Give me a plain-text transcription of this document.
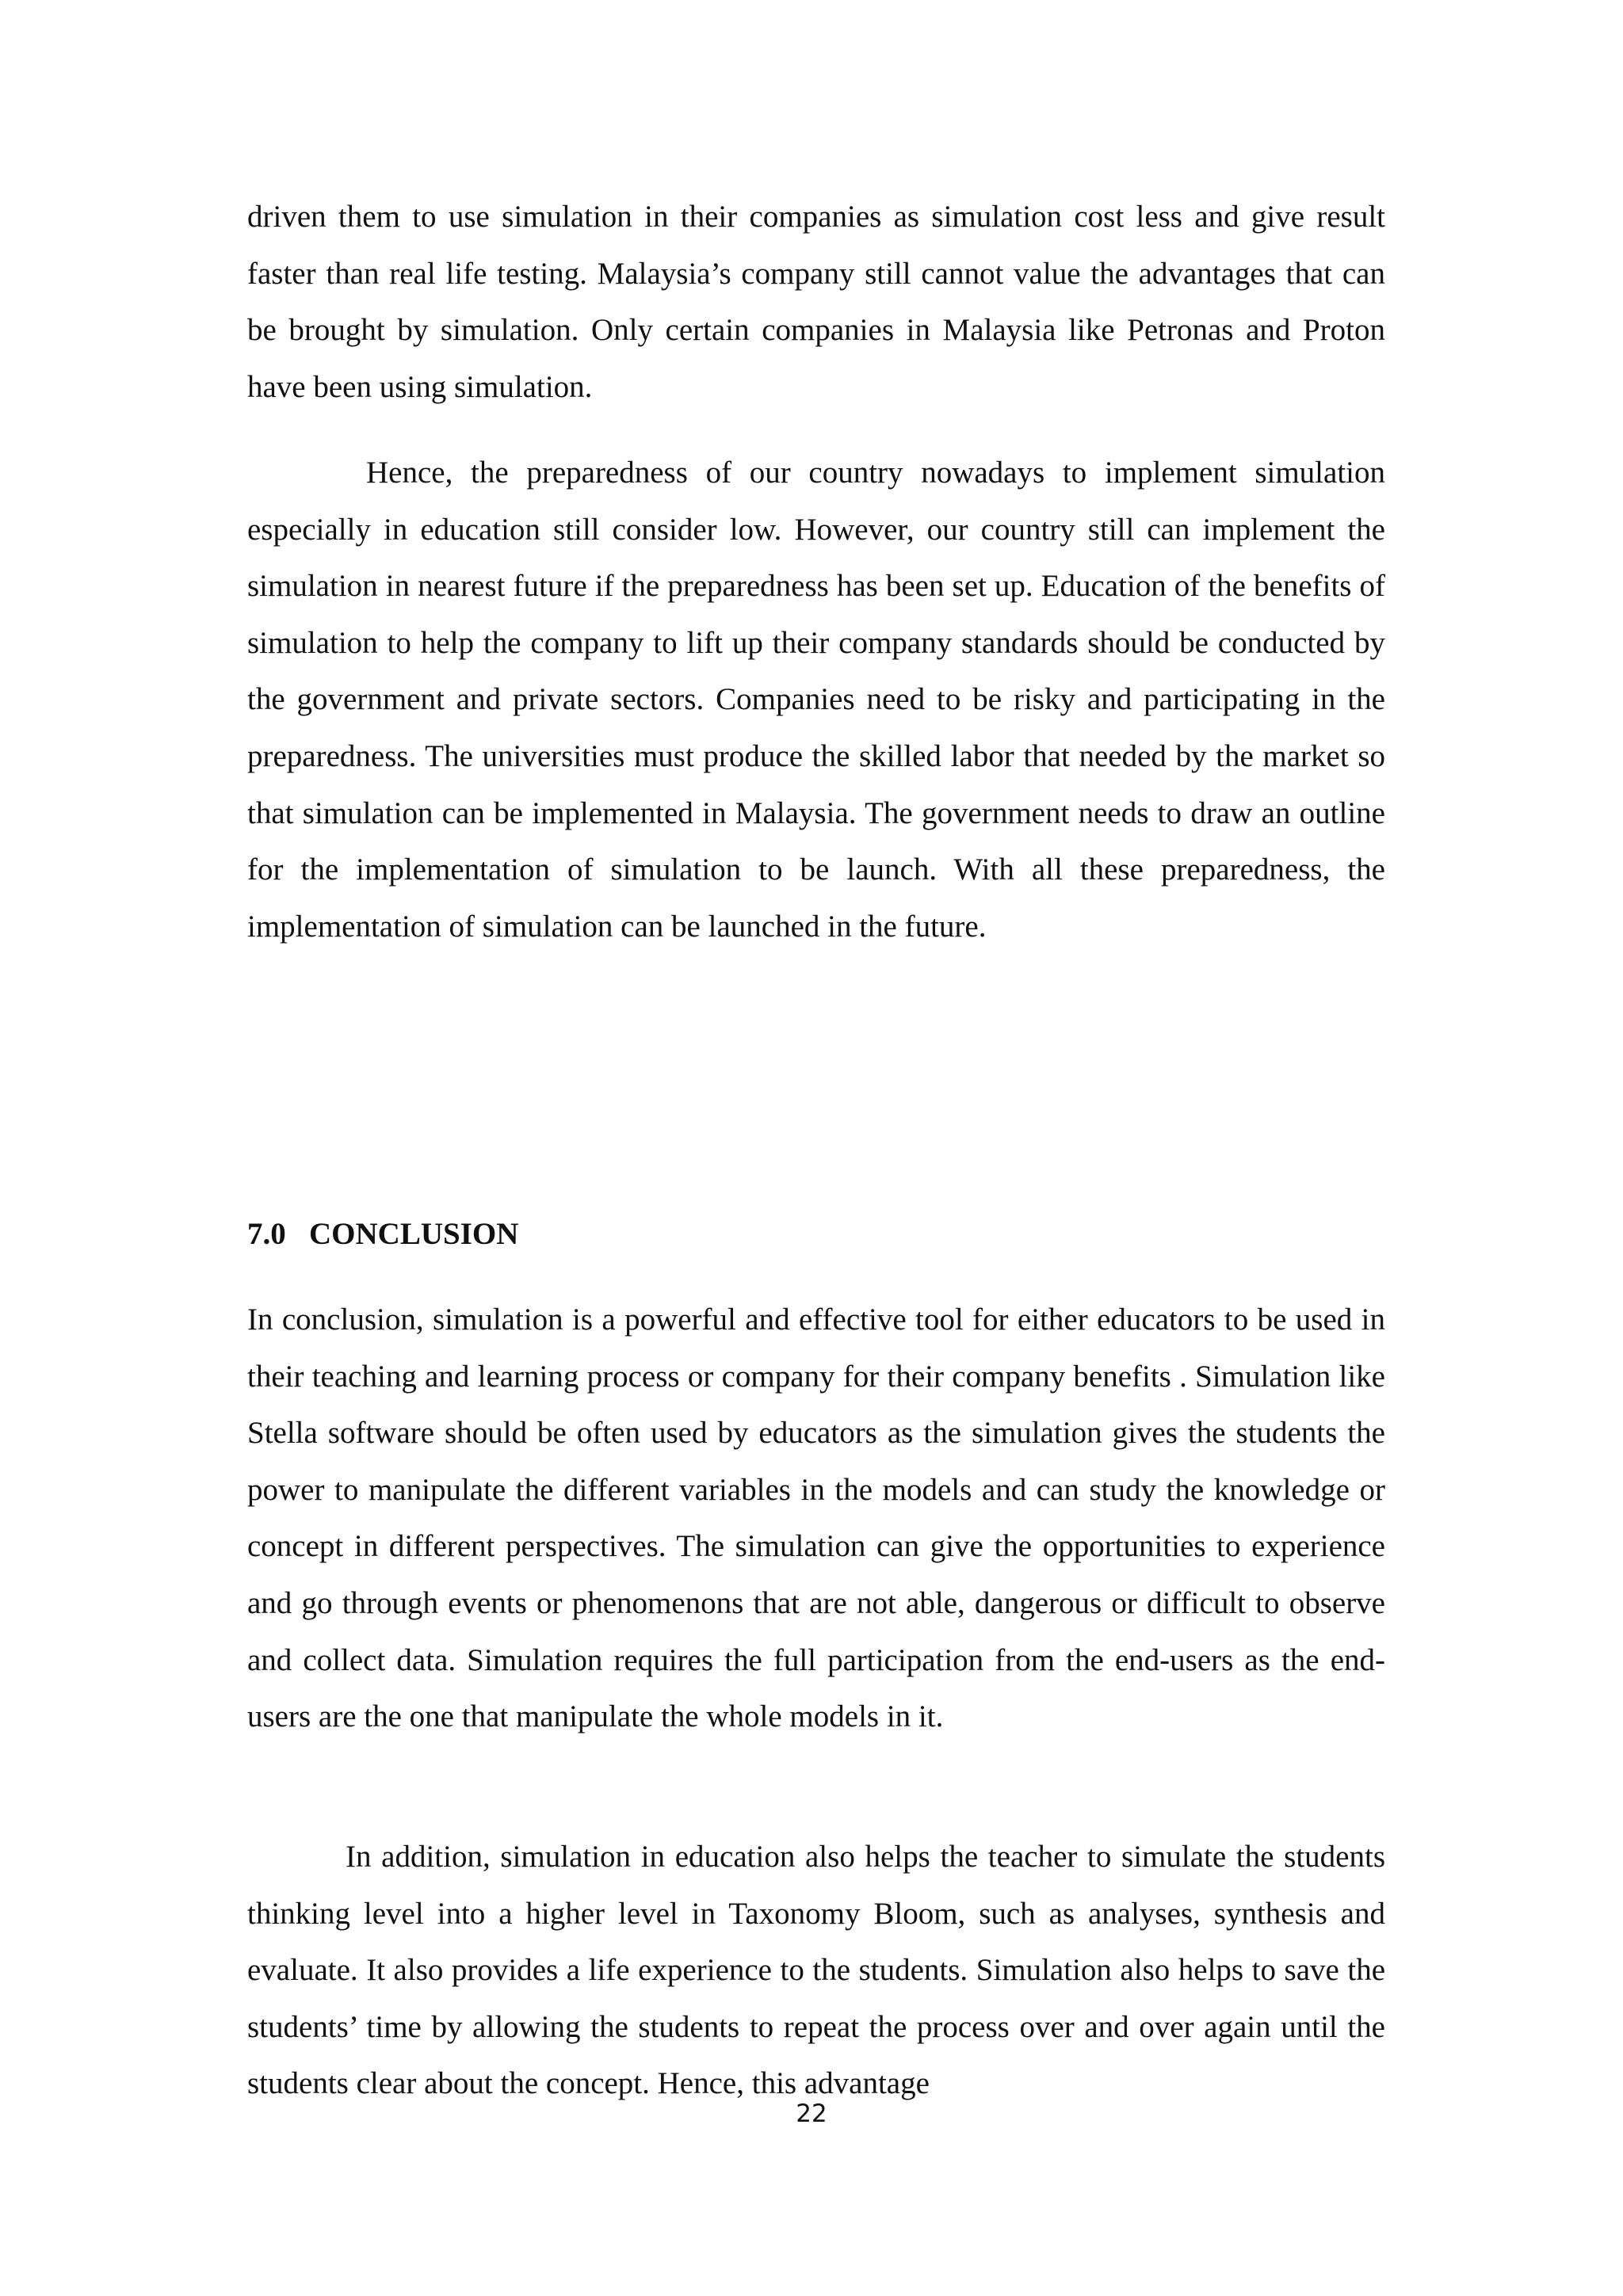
driven them to use simulation in their companies as simulation cost less and give result faster than real life testing. Malaysia’s company still cannot value the advantages that can be brought by simulation. Only certain companies in Malaysia like Petronas and Proton have been using simulation.

Hence, the preparedness of our country nowadays to implement simulation especially in education still consider low. However, our country still can implement the simulation in nearest future if the preparedness has been set up. Education of the benefits of simulation to help the company to lift up their company standards should be conducted by the government and private sectors. Companies need to be risky and participating in the preparedness. The universities must produce the skilled labor that needed by the market so that simulation can be implemented in Malaysia. The government needs to draw an outline for the implementation of simulation to be launch. With all these preparedness, the implementation of simulation can be launched in the future.

7.0 CONCLUSION

In conclusion, simulation is a powerful and effective tool for either educators to be used in their teaching and learning process or company for their company benefits . Simulation like Stella software should be often used by educators as the simulation gives the students the power to manipulate the different variables in the models and can study the knowledge or concept in different perspectives. The simulation can give the opportunities to experience and go through events or phenomenons that are not able, dangerous or difficult to observe and collect data. Simulation requires the full participation from the end-users as the end-users are the one that manipulate the whole models in it.

In addition, simulation in education also helps the teacher to simulate the students thinking level into a higher level in Taxonomy Bloom, such as analyses, synthesis and evaluate. It also provides a life experience to the students. Simulation also helps to save the students’ time by allowing the students to repeat the process over and over again until the students clear about the concept. Hence, this advantage

22
